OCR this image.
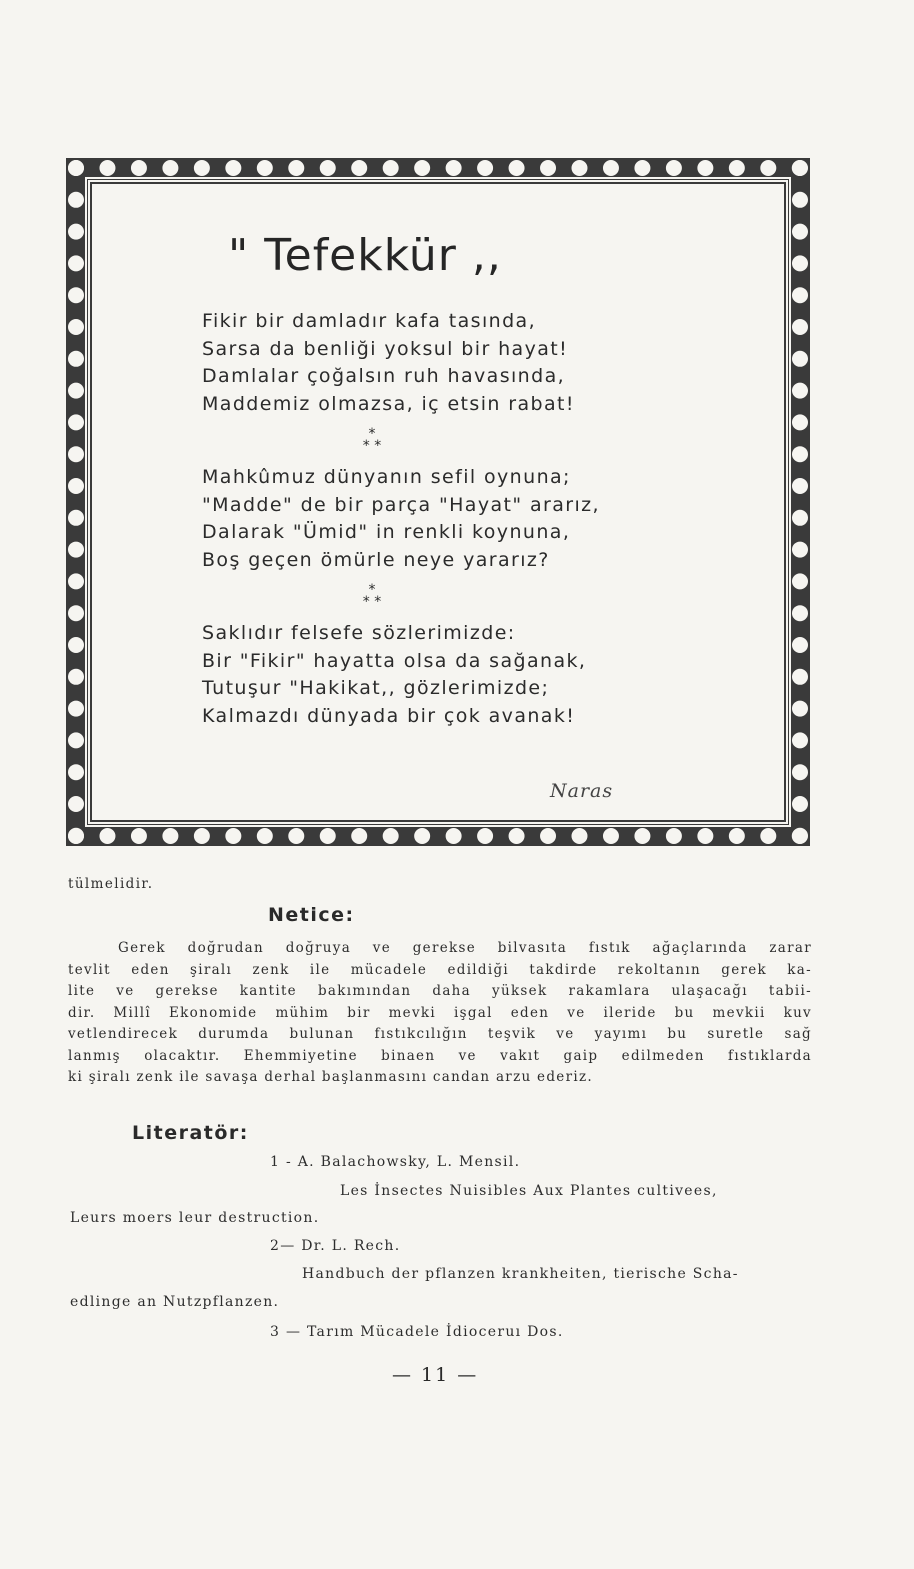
" Tefekkür ,,
Fikir bir damladır kafa tasında,
Sarsa da benliği yoksul bir hayat!
Damlalar çoğalsın ruh havasında,
Maddemiz olmazsa, iç etsin rabat!
*
* *
Mahkûmuz dünyanın sefil oynuna;
"Madde" de bir parça "Hayat" ararız,
Dalarak "Ümid" in renkli koynuna,
Boş geçen ömürle neye yararız?
*
* *
Saklıdır felsefe sözlerimizde:
Bir "Fikir" hayatta olsa da sağanak,
Tutuşur "Hakikat,, gözlerimizde;
Kalmazdı dünyada bir çok avanak!
Naras
tülmelidir.
Netice:
Gerek doğrudan doğruya ve gerekse bilvasıta fıstık ağaçlarında zarar
tevlit eden şiralı zenk ile mücadele edildiği takdirde rekoltanın gerek ka-
lite ve gerekse kantite bakımından daha yüksek rakamlara ulaşacağı tabii-
dir. Millî Ekonomide mühim bir mevki işgal eden ve ileride bu mevkii kuv
vetlendirecek durumda bulunan fıstıkcılığın teşvik ve yayımı bu suretle sağ
lanmış olacaktır. Ehemmiyetine binaen ve vakıt gaip edilmeden fıstıklarda
ki şiralı zenk ile savaşa derhal başlanmasını candan arzu ederiz.
Literatör:
1 - A. Balachowsky, L. Mensil.
Les İnsectes Nuisibles Aux Plantes cultivees,
Leurs moers leur destruction.
2— Dr. L. Rech.
Handbuch der pflanzen krankheiten, tierische Scha-
edlinge an Nutzpflanzen.
3 — Tarım Mücadele İdioceruı Dos.
— 11 —
